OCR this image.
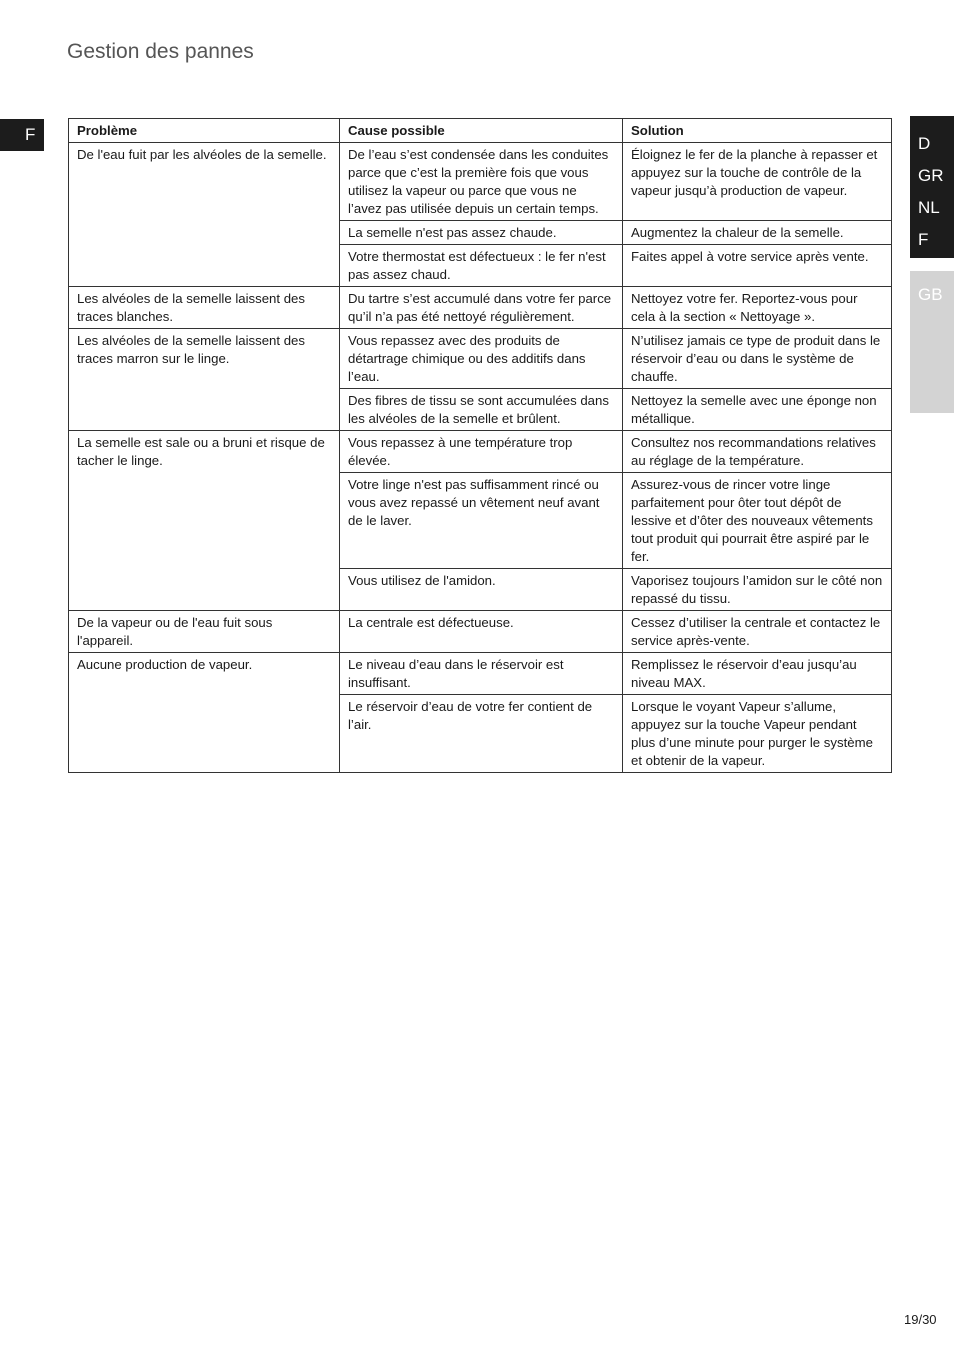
Gestion des pannes
F	D
GR
NL
F
GB
Problème	Cause possible	Solution
De l'eau fuit par les alvéoles de la semelle.	De l’eau s’est condensée dans les conduites parce que c’est la première fois que vous utilisez la vapeur ou parce que vous ne l’avez pas utilisée depuis un certain temps.	Éloignez le fer de la planche à repasser et appuyez sur la touche de contrôle de la vapeur jusqu’à production de vapeur.
	La semelle n'est pas assez chaude.	Augmentez la chaleur de la semelle.
	Votre thermostat est défectueux : le fer n'est pas assez chaud.	Faites appel à votre service après vente.
Les alvéoles de la semelle laissent des traces blanches.	Du tartre s’est accumulé dans votre fer parce qu’il n’a pas été nettoyé régulièrement.	Nettoyez votre fer. Reportez-vous pour cela à la section « Nettoyage ».
Les alvéoles de la semelle laissent des traces marron sur le linge.	Vous repassez avec des produits de détartrage chimique ou des additifs dans l’eau.	N’utilisez jamais ce type de produit dans le réservoir d’eau ou dans le système de chauffe.
	Des fibres de tissu se sont accumulées dans les alvéoles de la semelle et brûlent.	Nettoyez la semelle avec une éponge non métallique.
La semelle est sale ou a bruni et risque de tacher le linge.	Vous repassez à une température trop élevée.	Consultez nos recommandations relatives au réglage de la température.
	Votre linge n'est pas suffisamment rincé ou vous avez repassé un vêtement neuf avant de le laver.	Assurez-vous de rincer votre linge parfaitement pour ôter tout dépôt de lessive et d’ôter des nouveaux vêtements tout produit qui pourrait être aspiré par le fer.
	Vous utilisez de l'amidon.	Vaporisez toujours l’amidon sur le côté non repassé du tissu.
De la vapeur ou de l'eau fuit sous l'appareil.	La centrale est défectueuse.	Cessez d’utiliser la centrale et contactez le service après-vente.
Aucune production de vapeur.	Le niveau d’eau dans le réservoir est insuffisant.	Remplissez le réservoir d’eau jusqu’au niveau MAX.
	Le réservoir d’eau de votre fer contient de l’air.	Lorsque le voyant Vapeur s’allume, appuyez sur la touche Vapeur pendant plus d’une minute pour purger le système et obtenir de la vapeur.
19/30
